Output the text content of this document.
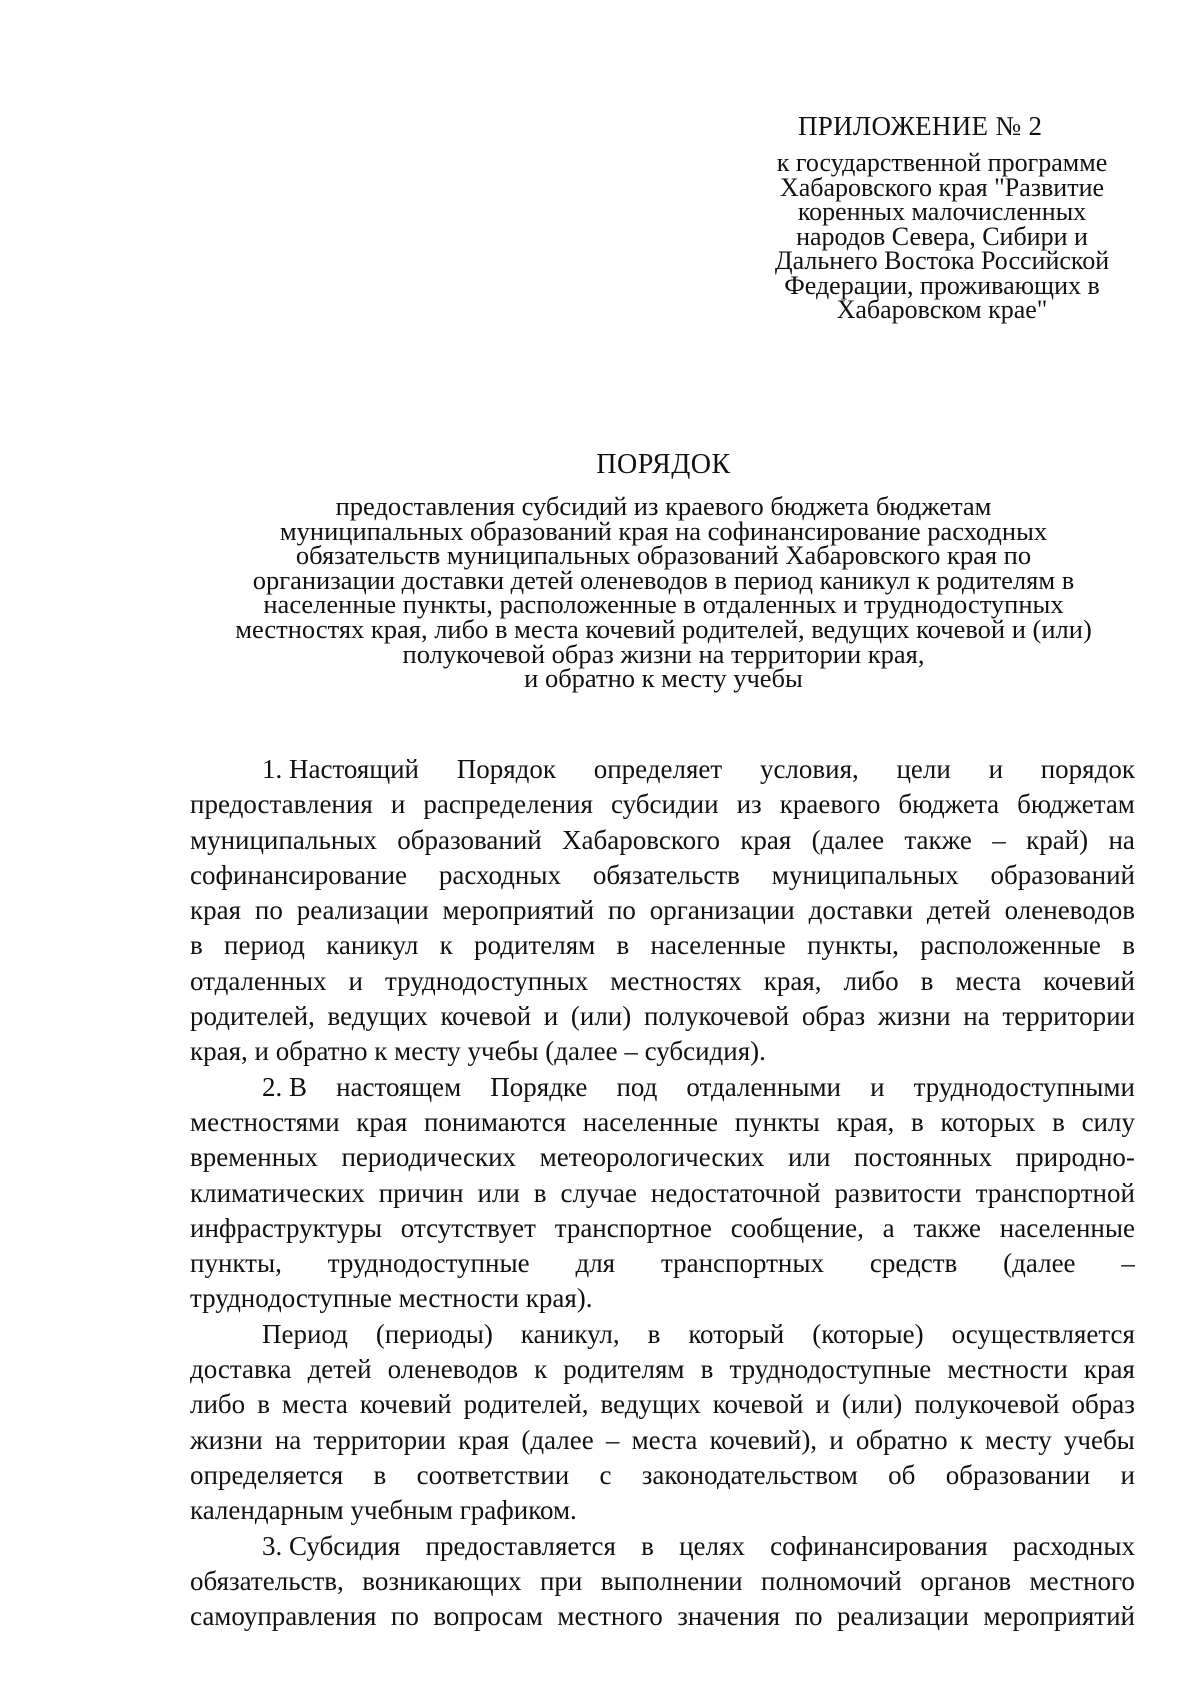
ПРИЛОЖЕНИЕ № 2
к государственной программе
Хабаровского края "Развитие
коренных малочисленных
народов Севера, Сибири и
Дальнего Востока Российской
Федерации, проживающих в
Хабаровском крае"
ПОРЯДОК
предоставления субсидий из краевого бюджета бюджетам
муниципальных образований края на софинансирование расходных
обязательств муниципальных образований Хабаровского края по
организации доставки детей оленеводов в период каникул к родителям в
населенные пункты, расположенные в отдаленных и труднодоступных
местностях края, либо в места кочевий родителей, ведущих кочевой и (или)
полукочевой образ жизни на территории края,
и обратно к месту учебы
1. Настоящий Порядок определяет условия, цели и порядок
предоставления и распределения субсидии из краевого бюджета бюджетам
муниципальных образований Хабаровского края (далее также – край) на
софинансирование расходных обязательств муниципальных образований
края по реализации мероприятий по организации доставки детей оленеводов
в период каникул к родителям в населенные пункты, расположенные в
отдаленных и труднодоступных местностях края, либо в места кочевий
родителей, ведущих кочевой и (или) полукочевой образ жизни на территории
края, и обратно к месту учебы (далее – субсидия).
2. В настоящем Порядке под отдаленными и труднодоступными
местностями края понимаются населенные пункты края, в которых в силу
временных периодических метеорологических или постоянных природно-
климатических причин или в случае недостаточной развитости транспортной
инфраструктуры отсутствует транспортное сообщение, а также населенные
пункты, труднодоступные для транспортных средств (далее –
труднодоступные местности края).
Период (периоды) каникул, в который (которые) осуществляется
доставка детей оленеводов к родителям в труднодоступные местности края
либо в места кочевий родителей, ведущих кочевой и (или) полукочевой образ
жизни на территории края (далее – места кочевий), и обратно к месту учебы
определяется в соответствии с законодательством об образовании и
календарным учебным графиком.
3. Субсидия предоставляется в целях софинансирования расходных
обязательств, возникающих при выполнении полномочий органов местного
самоуправления по вопросам местного значения по реализации мероприятий
